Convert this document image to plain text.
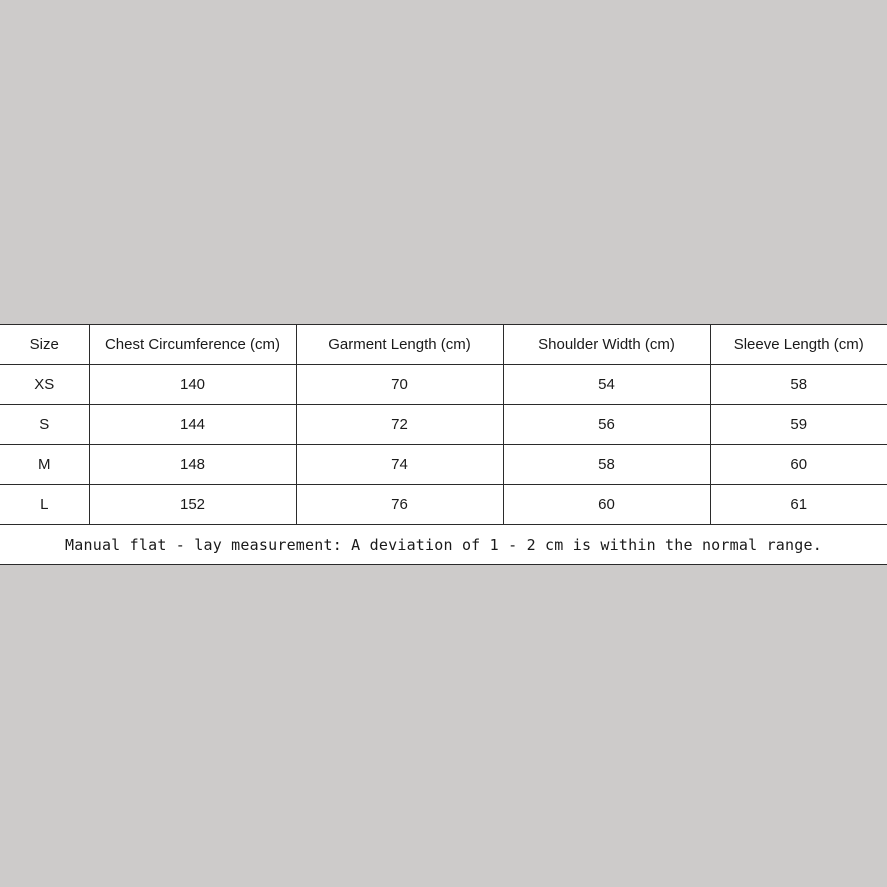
Size	Chest Circumference (cm)	Garment Length (cm)	Shoulder Width (cm)	Sleeve Length (cm)
XS	140	70	54	58
S	144	72	56	59
M	148	74	58	60
L	152	76	60	61
Manual flat - lay measurement: A deviation of 1 - 2 cm is within the normal range.				
